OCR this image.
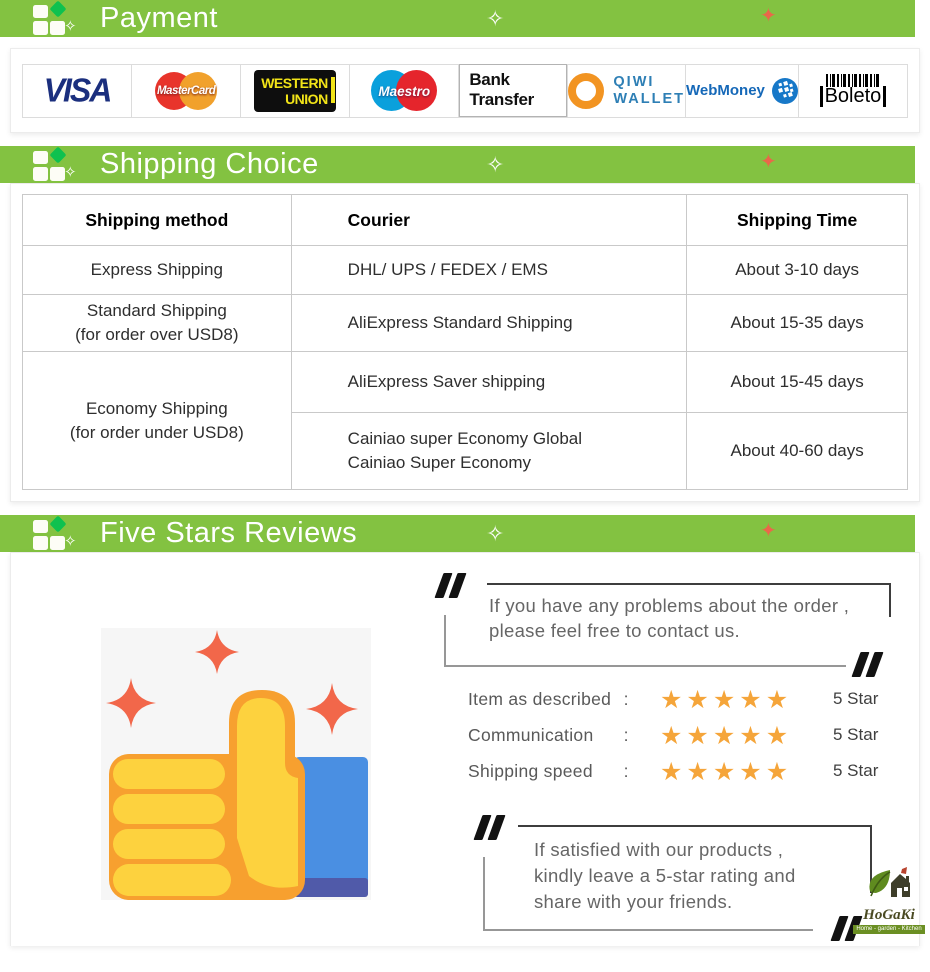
✧ Payment	✧	✦
VISA	MasterCard	WESTERN
UNION	Maestro
Bank Transfer
QIWI
WALLET WebMoney	Boleto
✧ Shipping Choice	✧	✦
Shipping method	Courier	Shipping Time
Express Shipping	DHL/ UPS / FEDEX / EMS	About 3-10 days

Standard Shipping
(for order over USD8)	AliExpress Standard Shipping	About 15-35 days

Economy Shipping
(for order under USD8)	AliExpress Saver shipping	About 15-45 days

	Cainiao super Economy Global
Cainiao Super Economy	About 40-60 days
✧ Five Stars Reviews	✧	✦
If you have any problems about the order ,
please feel free to contact us.
Item as described : ★ ★ ★ ★ ★	5 Star
Communication	: ★ ★ ★ ★ ★	5 Star
Shipping speed	: ★ ★ ★ ★ ★	5 Star
If satisfied with our products ,
kindly leave a 5-star rating and
share with your friends.
HoGaKi
Home - garden - Kitchen
